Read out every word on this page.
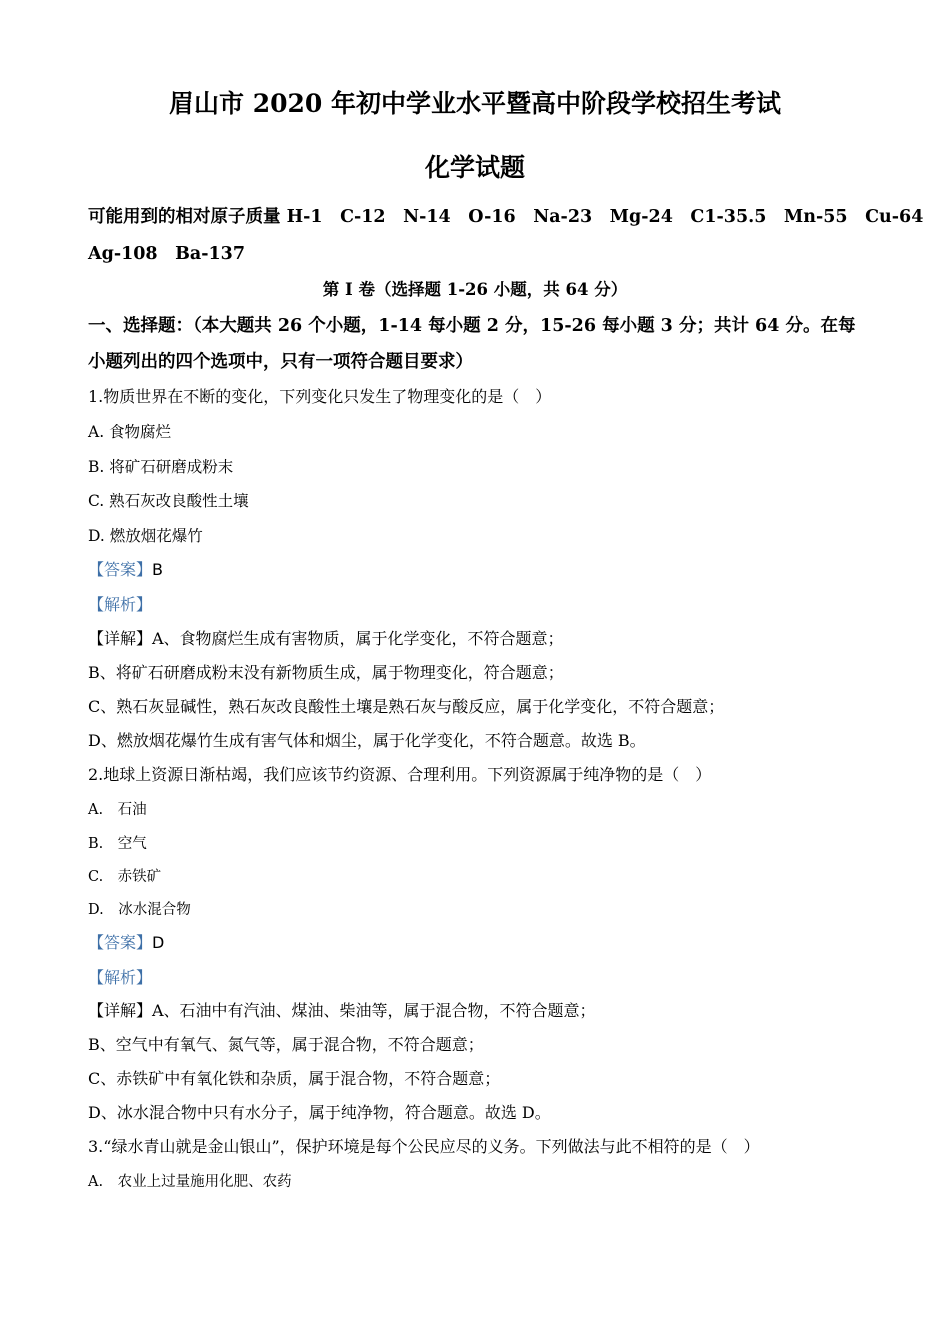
眉山市 2020 年初中学业水平暨高中阶段学校招生考试
化学试题
可能用到的相对原子质量 H-1　C-12　N-14　O-16　Na-23　Mg-24　C1-35.5　Mn-55　Cu-64
Ag-108　Ba-137
第 I 卷（选择题 1-26 小题，共 64 分）
一、选择题：（本大题共 26 个小题，1-14 每小题 2 分，15-26 每小题 3 分；共计 64 分。在每
小题列出的四个选项中，只有一项符合题目要求）
1.物质世界在不断的变化，下列变化只发生了物理变化的是（　）
A. 食物腐烂
B. 将矿石研磨成粉末
C. 熟石灰改良酸性土壤
D. 燃放烟花爆竹
【答案】B
【解析】
【详解】A、食物腐烂生成有害物质，属于化学变化，不符合题意；
B、将矿石研磨成粉末没有新物质生成，属于物理变化，符合题意；
C、熟石灰显碱性，熟石灰改良酸性土壤是熟石灰与酸反应，属于化学变化，不符合题意；
D、燃放烟花爆竹生成有害气体和烟尘，属于化学变化，不符合题意。故选 B。
2.地球上资源日渐枯竭，我们应该节约资源、合理利用。下列资源属于纯净物的是（　）
A.　石油
B.　空气
C.　赤铁矿
D.　冰水混合物
【答案】D
【解析】
【详解】A、石油中有汽油、煤油、柴油等，属于混合物，不符合题意；
B、空气中有氧气、氮气等，属于混合物，不符合题意；
C、赤铁矿中有氧化铁和杂质，属于混合物，不符合题意；
D、冰水混合物中只有水分子，属于纯净物，符合题意。故选 D。
3.“绿水青山就是金山银山”，保护环境是每个公民应尽的义务。下列做法与此不相符的是（　）
A.　农业上过量施用化肥、农药
